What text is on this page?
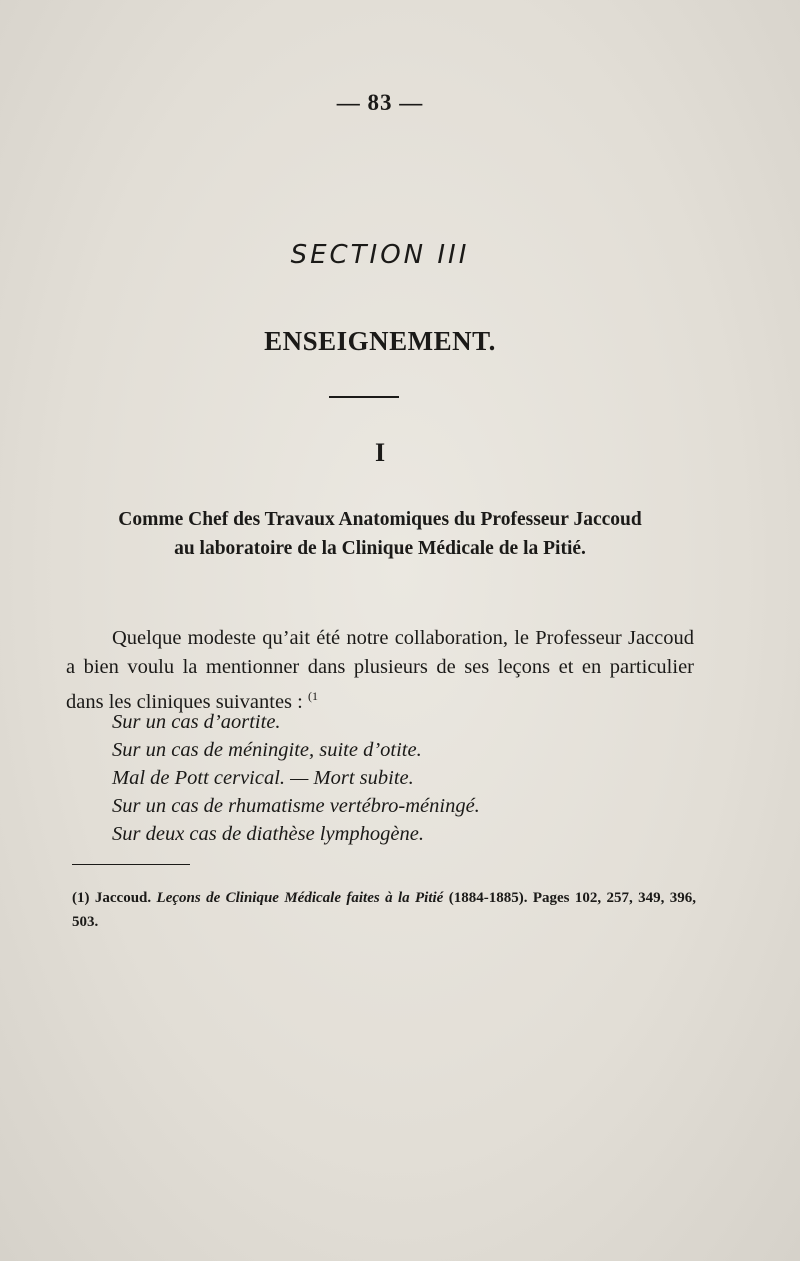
— 83 —
SECTION III
ENSEIGNEMENT.
I
Comme Chef des Travaux Anatomiques du Professeur Jaccoud
au laboratoire de la Clinique Médicale de la Pitié.
Quelque modeste qu’ait été notre collaboration, le Professeur Jaccoud a bien voulu la mentionner dans plusieurs de ses leçons et en particulier dans les cliniques suivantes : $^{(1}$
Sur un cas d’aortite.
Sur un cas de méningite, suite d’otite.
Mal de Pott cervical. — Mort subite.
Sur un cas de rhumatisme vertébro-méningé.
Sur deux cas de diathèse lymphogène.
(1) Jaccoud. Leçons de Clinique Médicale faites à la Pitié (1884-1885). Pages 102, 257, 349, 396, 503.
